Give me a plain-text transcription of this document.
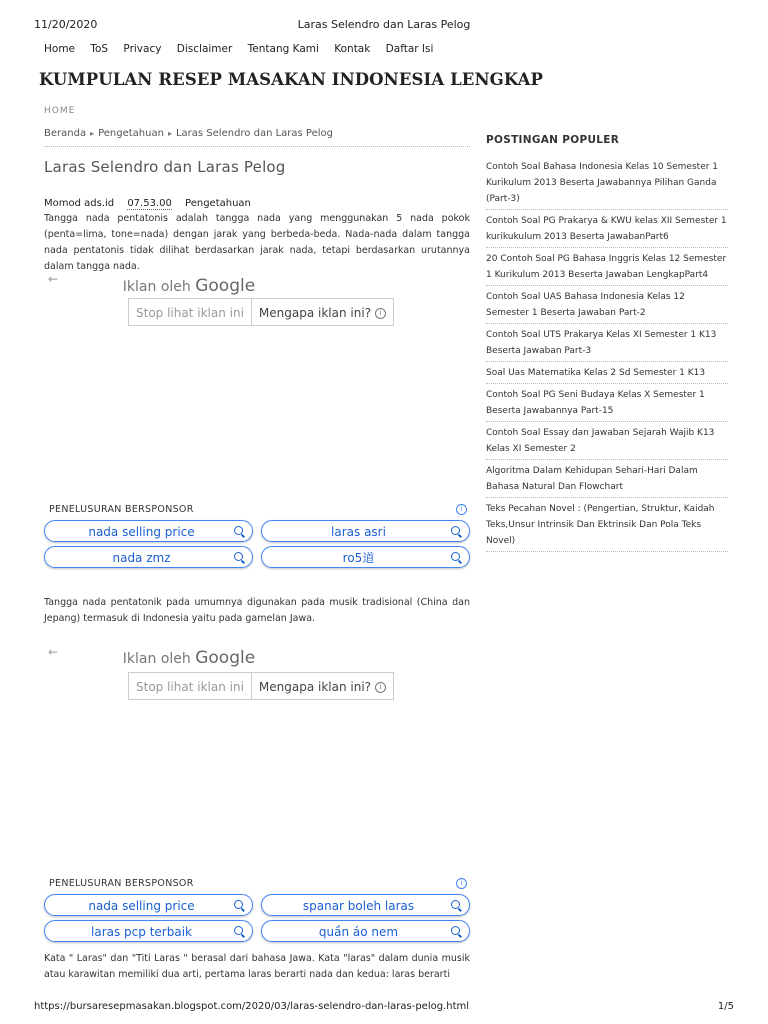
11/20/2020	Laras Selendro dan Laras Pelog
Home ToS Privacy Disclaimer Tentang Kami Kontak Daftar Isi
KUMPULAN RESEP MASAKAN INDONESIA LENGKAP
HOME
Beranda ▸ Pengetahuan ▸ Laras Selendro dan Laras Pelog
Laras Selendro dan Laras Pelog
Momod ads.id 07.53.00 Pengetahuan
Tangga nada pentatonis adalah tangga nada yang menggunakan 5 nada pokok (penta=lima, tone=nada) dengan jarak yang berbeda-beda. Nada-nada dalam tangga nada pentatonis tidak dilihat berdasarkan jarak nada, tetapi berdasarkan urutannya dalam tangga nada.
←	Iklan oleh Google
Stop lihat iklan ini Mengapa iklan ini? i
PENELUSURAN BERSPONSOR	i
nada selling price	laras asri
nada zmz	ro5道
Tangga nada pentatonik pada umumnya digunakan pada musik tradisional (China dan Jepang) termasuk di Indonesia yaitu pada gamelan Jawa.
←	Iklan oleh Google
Stop lihat iklan ini Mengapa iklan ini? i
PENELUSURAN BERSPONSOR	i
nada selling price	spanar boleh laras
laras pcp terbaik	quần áo nem
Kata " Laras" dan "Titi Laras " berasal dari bahasa Jawa. Kata "laras" dalam dunia musik atau karawitan memiliki dua arti, pertama laras berarti nada dan kedua: laras berarti
POSTINGAN POPULER
Contoh Soal Bahasa Indonesia Kelas 10 Semester 1 Kurikulum 2013 Beserta Jawabannya Pilihan Ganda (Part-3)
Contoh Soal PG Prakarya & KWU kelas XII Semester 1 kurikukulum 2013 Beserta JawabanPart6
20 Contoh Soal PG Bahasa Inggris Kelas 12 Semester 1 Kurikulum 2013 Beserta Jawaban LengkapPart4
Contoh Soal UAS Bahasa Indonesia Kelas 12 Semester 1 Beserta Jawaban Part-2
Contoh Soal UTS Prakarya Kelas XI Semester 1 K13 Beserta Jawaban Part-3
Soal Uas Matematika Kelas 2 Sd Semester 1 K13
Contoh Soal PG Seni Budaya Kelas X Semester 1 Beserta Jawabannya Part-15
Contoh Soal Essay dan Jawaban Sejarah Wajib K13 Kelas XI Semester 2
Algoritma Dalam Kehidupan Sehari-Hari Dalam Bahasa Natural Dan Flowchart
Teks Pecahan Novel : (Pengertian, Struktur, Kaidah Teks,Unsur Intrinsik Dan Ektrinsik Dan Pola Teks Novel)
https://bursaresepmasakan.blogspot.com/2020/03/laras-selendro-dan-laras-pelog.html	1/5
